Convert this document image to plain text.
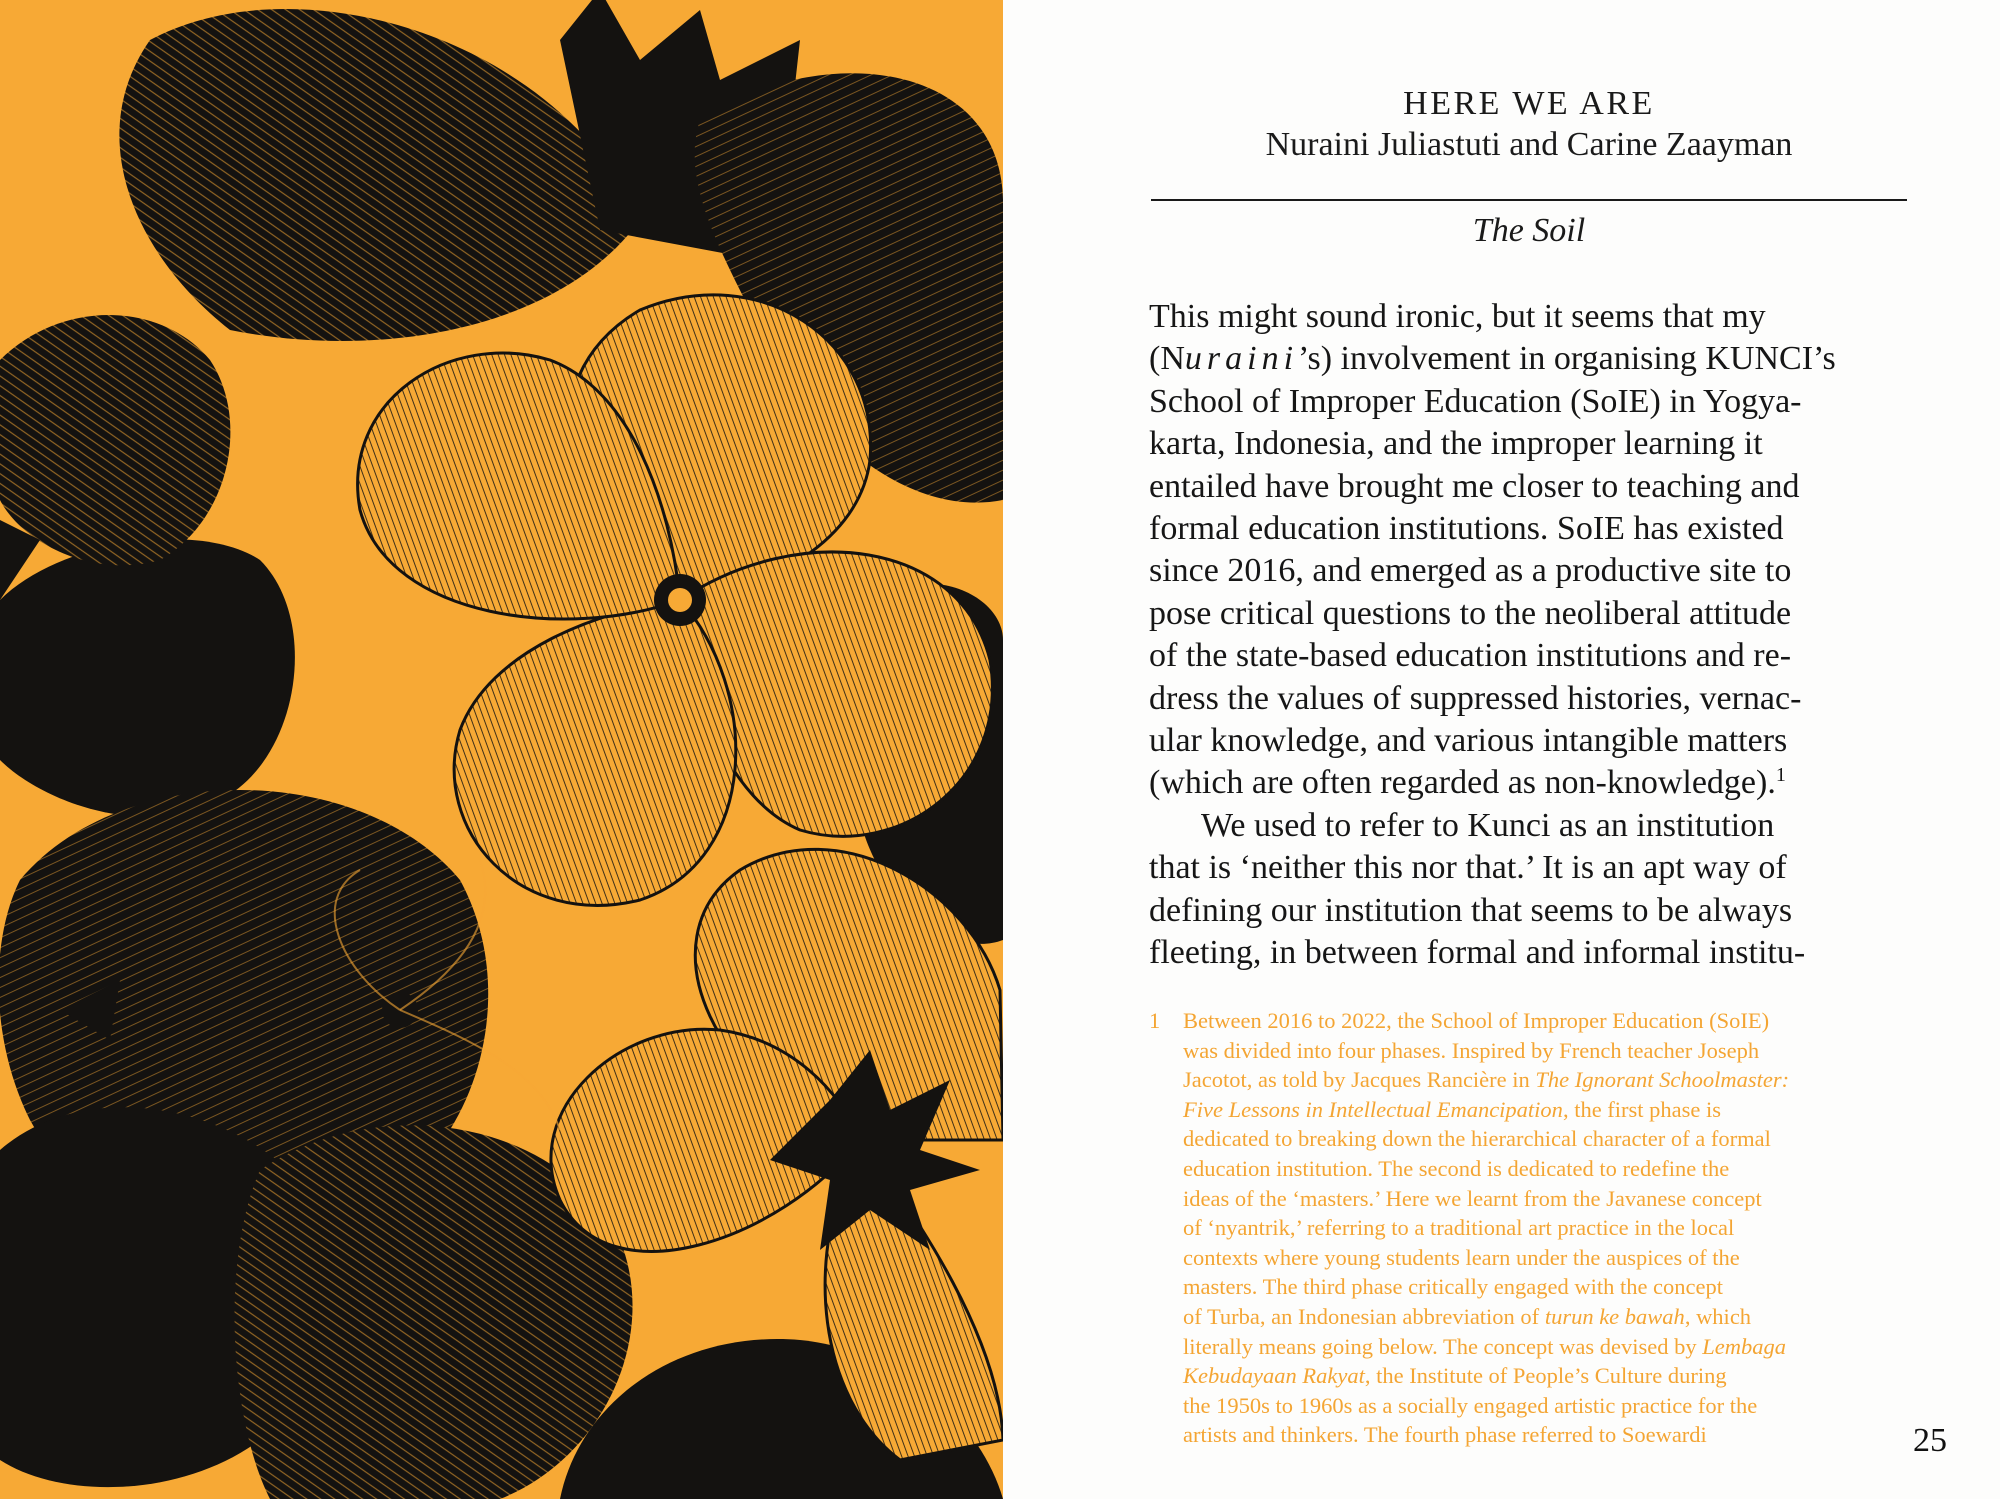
HERE WE ARE
Nuraini Juliastuti and Carine Zaayman
The Soil
This might sound ironic, but it seems that my
(Nuraini’s) involvement in organising KUNCI’s
School of Improper Education (SoIE) in Yogya-
karta, Indonesia, and the improper learning it
entailed have brought me closer to teaching and
formal education institutions. SoIE has existed
since 2016, and emerged as a productive site to
pose critical questions to the neoliberal attitude
of the state-based education institutions and re-
dress the values of suppressed histories, vernac-
ular knowledge, and various intangible matters
(which are often regarded as non-knowledge).$^1$
We used to refer to Kunci as an institution
that is ‘neither this nor that.’ It is an apt way of
defining our institution that seems to be always
fleeting, in between formal and informal institu-
1 Between 2016 to 2022, the School of Improper Education (SoIE)
was divided into four phases. Inspired by French teacher Joseph
Jacotot, as told by Jacques Rancière in The Ignorant Schoolmaster:
Five Lessons in Intellectual Emancipation, the first phase is
dedicated to breaking down the hierarchical character of a formal
education institution. The second is dedicated to redefine the
ideas of the ‘masters.’ Here we learnt from the Javanese concept
of ‘nyantrik,’ referring to a traditional art practice in the local
contexts where young students learn under the auspices of the
masters. The third phase critically engaged with the concept
of Turba, an Indonesian abbreviation of turun ke bawah, which
literally means going below. The concept was devised by Lembaga
Kebudayaan Rakyat, the Institute of People’s Culture during
the 1950s to 1960s as a socially engaged artistic practice for the
artists and thinkers. The fourth phase referred to Soewardi	25
